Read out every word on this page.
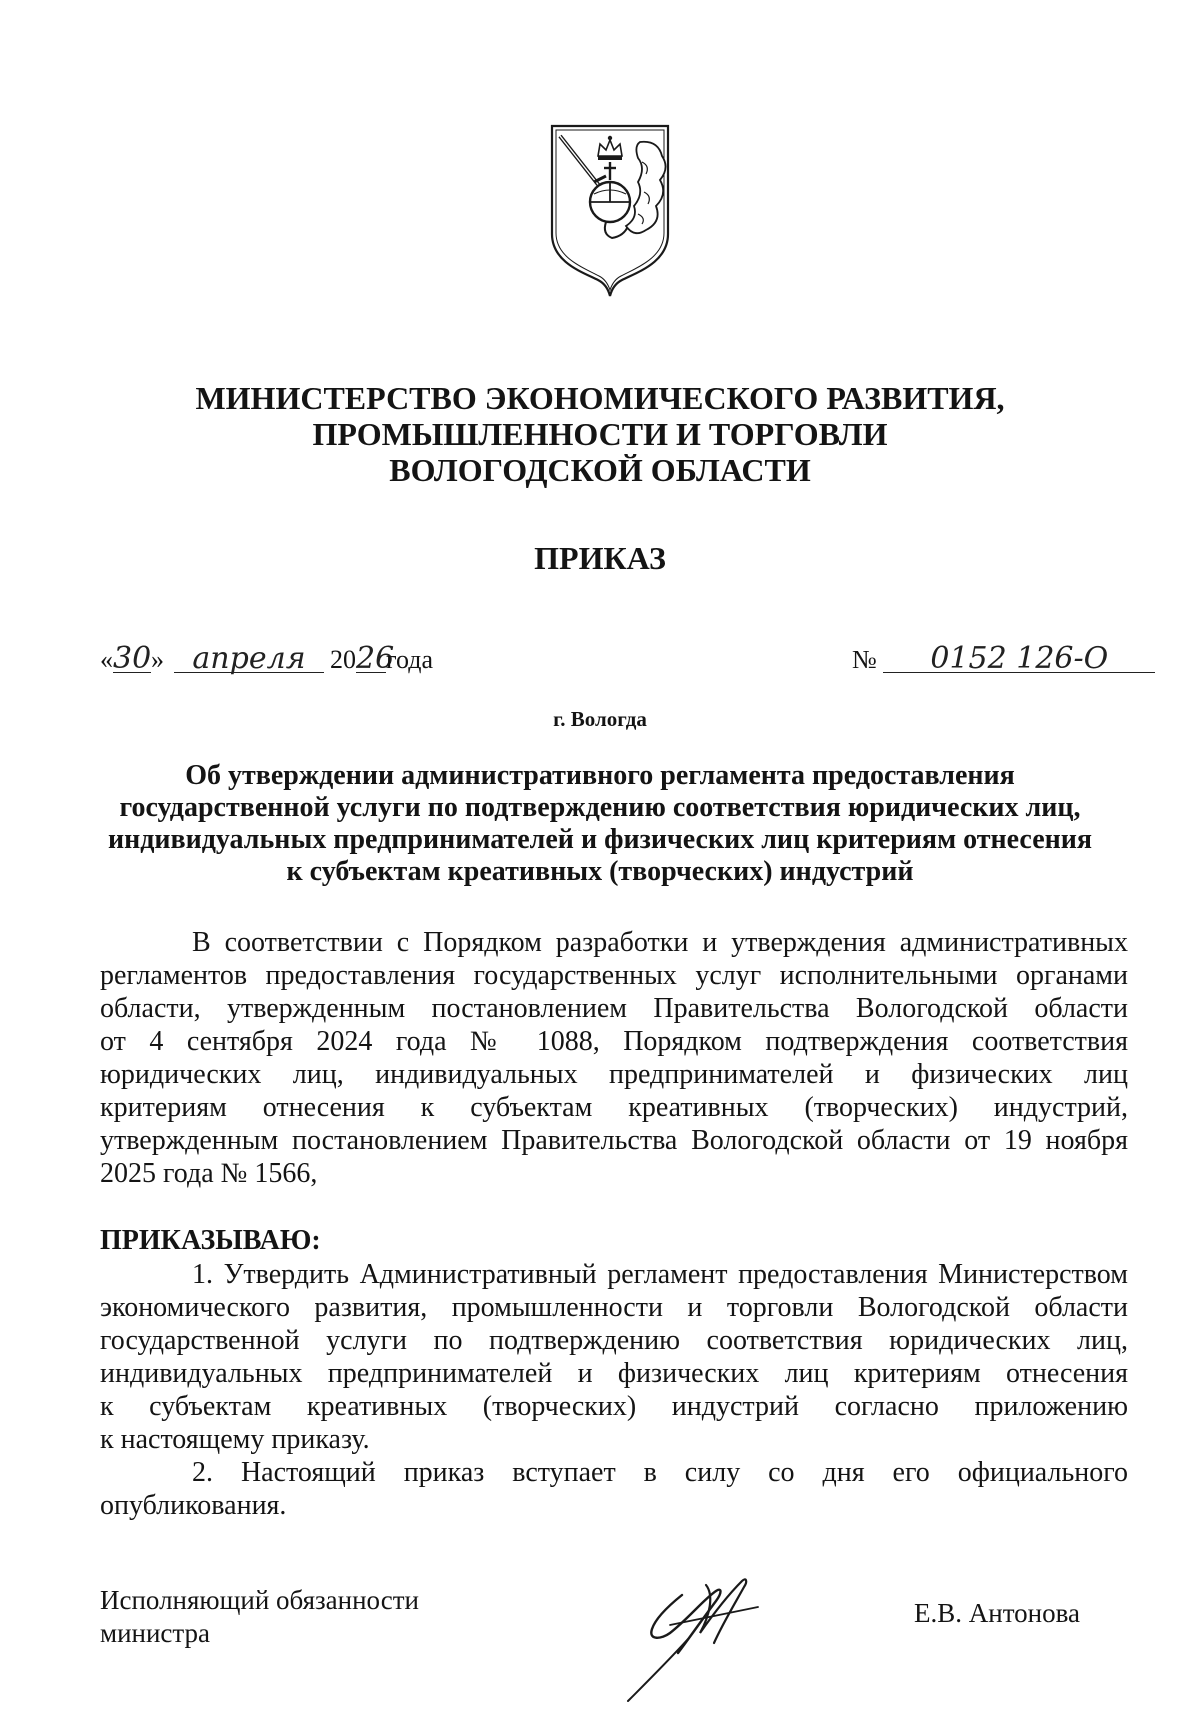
МИНИСТЕРСТВО ЭКОНОМИЧЕСКОГО РАЗВИТИЯ,
ПРОМЫШЛЕННОСТИ И ТОРГОВЛИ
ВОЛОГОДСКОЙ ОБЛАСТИ
ПРИКАЗ
«30» апреля 2026года	№ 0152 126-О
г. Вологда
Об утверждении административного регламента предоставления
государственной услуги по подтверждению соответствия юридических лиц,
индивидуальных предпринимателей и физических лиц критериям отнесения
к субъектам креативных (творческих) индустрий

В соответствии с Порядком разработки и утверждения административных

регламентов предоставления государственных услуг исполнительными органами

области, утвержденным постановлением Правительства Вологодской области

от 4 сентября 2024 года № 1088, Порядком подтверждения соответствия

юридических лиц, индивидуальных предпринимателей и физических лиц

критериям отнесения к субъектам креативных (творческих) индустрий,

утвержденным постановлением Правительства Вологодской области от 19 ноября

2025 года № 1566,

ПРИКАЗЫВАЮ:

1. Утвердить Административный регламент предоставления Министерством

экономического развития, промышленности и торговли Вологодской области

государственной услуги по подтверждению соответствия юридических лиц,

индивидуальных предпринимателей и физических лиц критериям отнесения

к субъектам креативных (творческих) индустрий согласно приложению

к настоящему приказу.

2. Настоящий приказ вступает в силу со дня его официального

опубликования.

Исполняющий обязанности
министра
Е.В. Антонова
